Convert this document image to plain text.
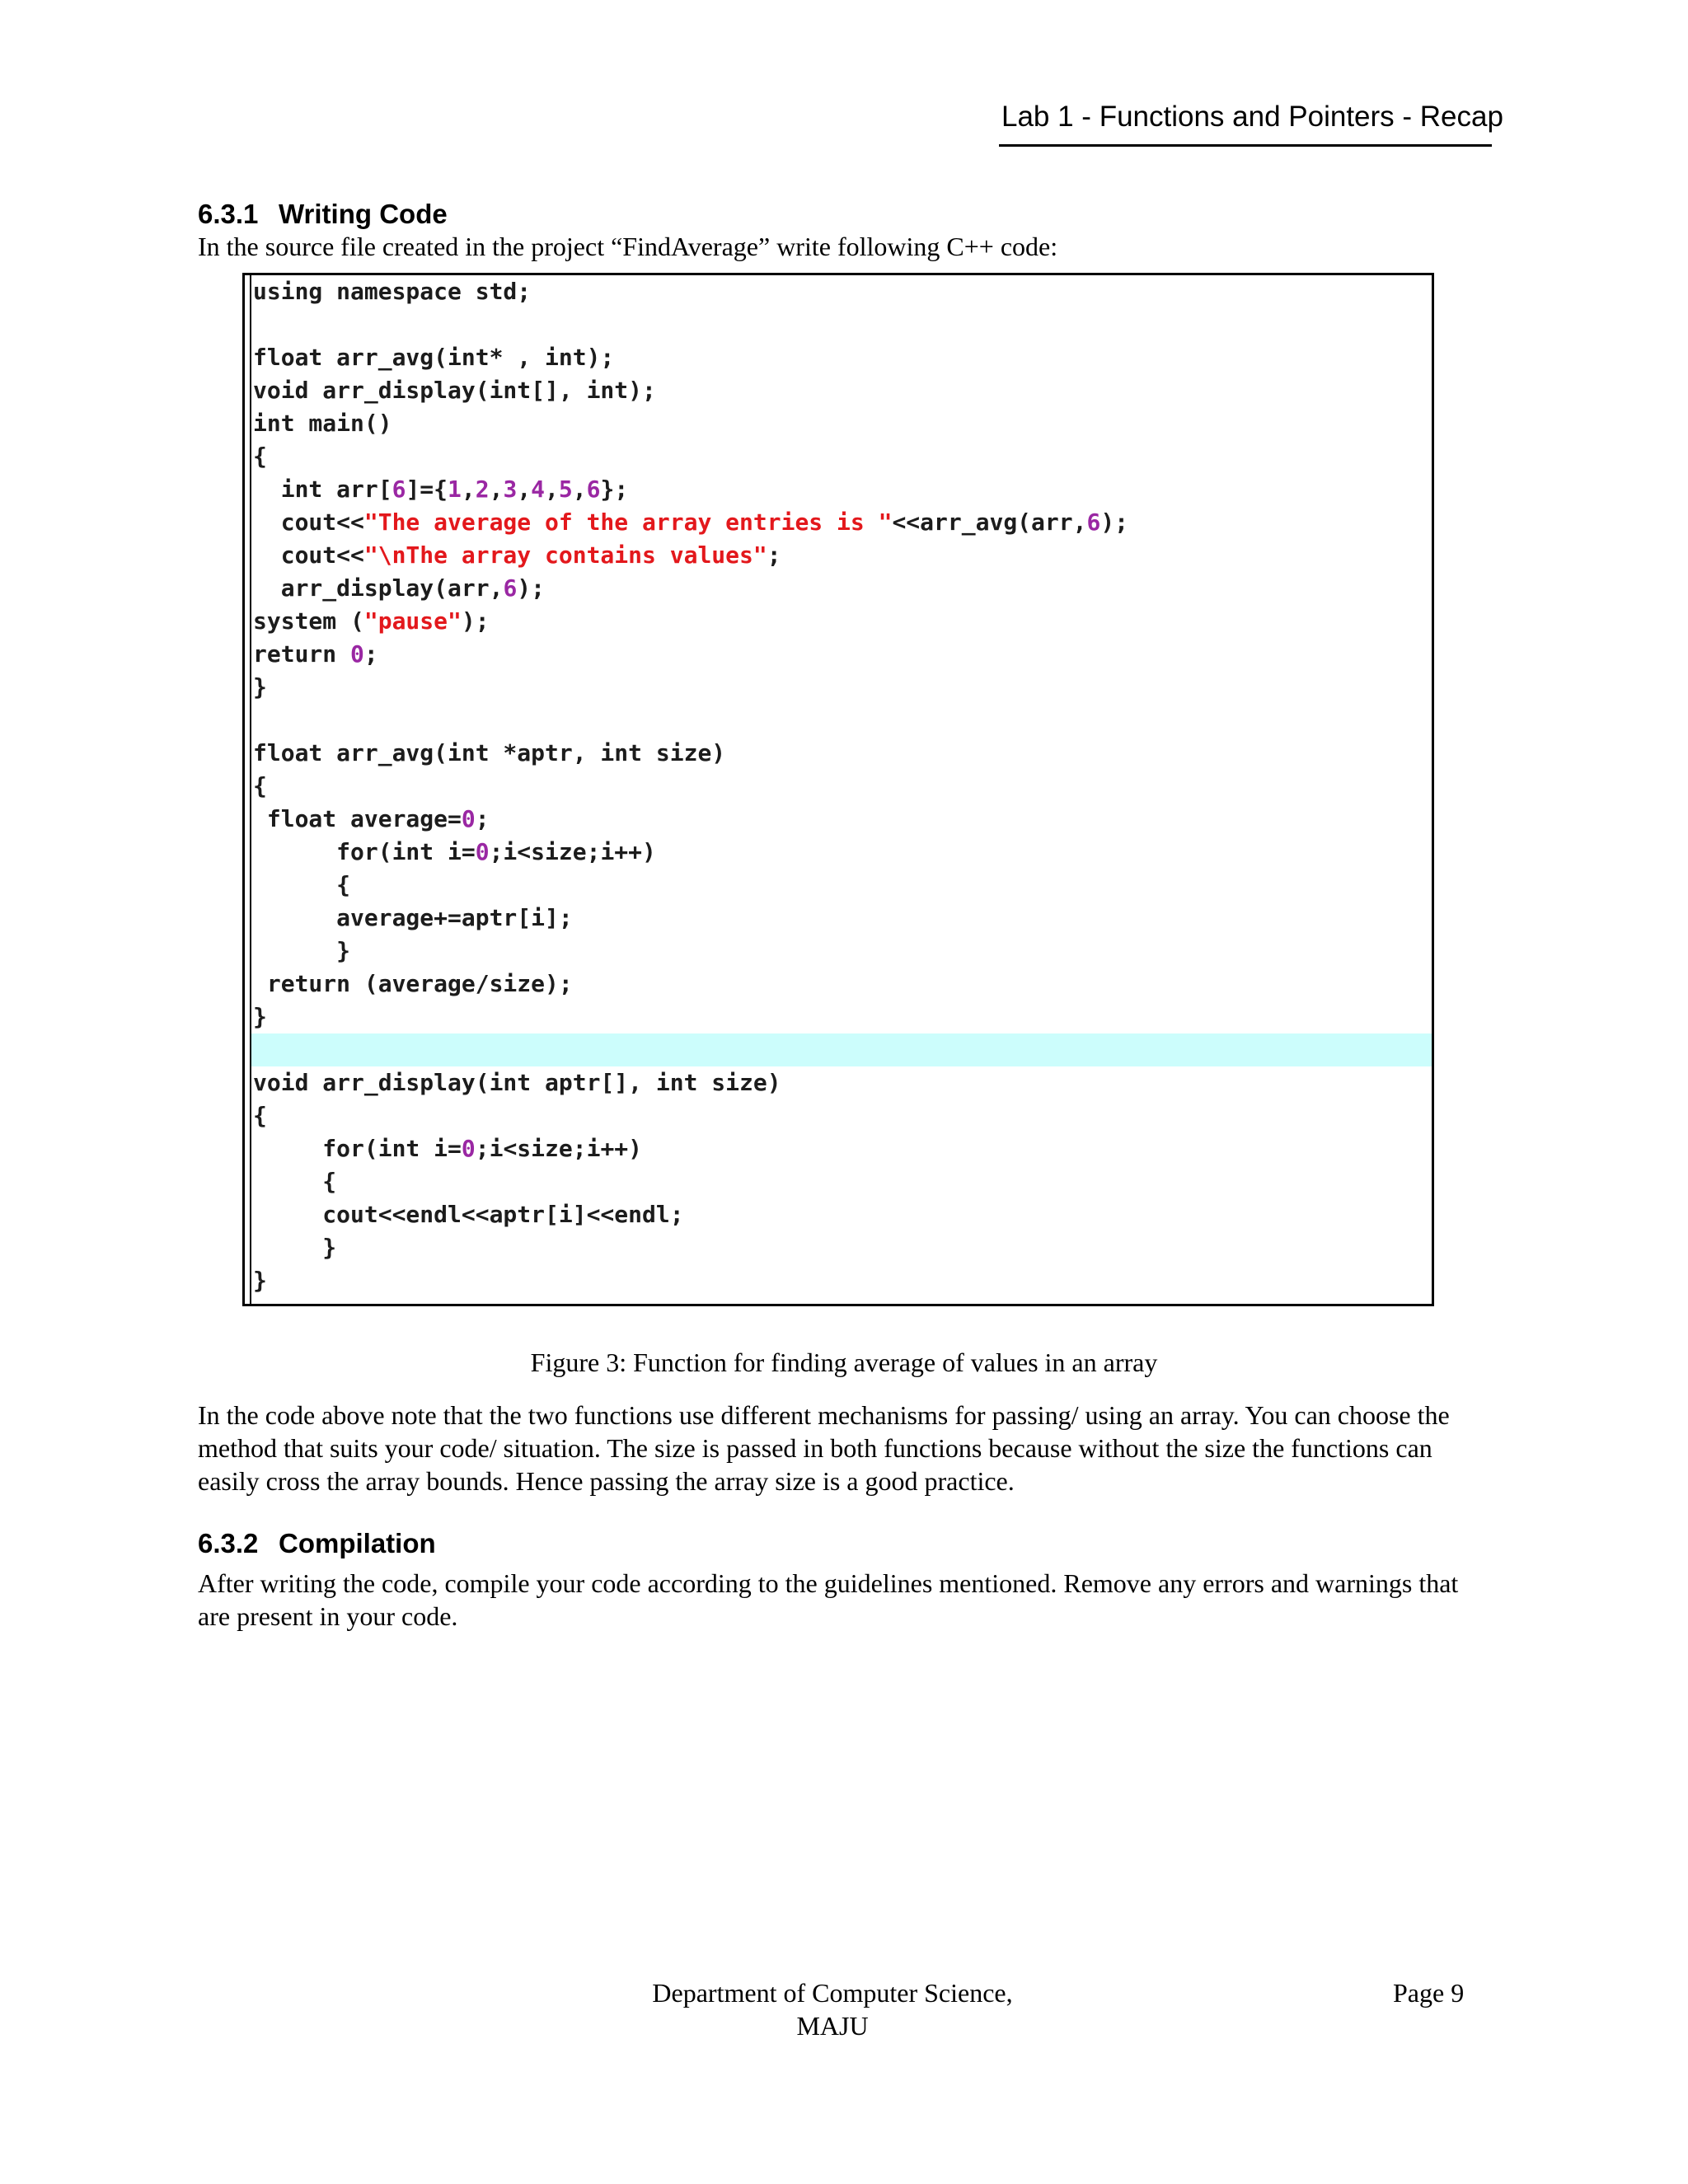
Lab 1 - Functions and Pointers - Recap
6.3.1 Writing Code
In the source file created in the project “FindAverage” write following C++ code:
using namespace std;
float arr_avg(int* , int);
void arr_display(int[], int);
int main()
{
int arr[6]={1,2,3,4,5,6};
cout<<"The average of the array entries is "<<arr_avg(arr,6);
cout<<"\nThe array contains values";
arr_display(arr,6);
system ("pause");
return 0;
}
float arr_avg(int *aptr, int size)
{
float average=0;
for(int i=0;i<size;i++)
{
average+=aptr[i];
}
return (average/size);
}
void arr_display(int aptr[], int size)
{
for(int i=0;i<size;i++)
{
cout<<endl<<aptr[i]<<endl;
}
}
Figure 3: Function for finding average of values in an array
In the code above note that the two functions use different mechanisms for passing/ using an array. You can choose the method that suits your code/ situation. The size is passed in both functions because without the size the functions can easily cross the array bounds. Hence passing the array size is a good practice.
6.3.2 Compilation
After writing the code, compile your code according to the guidelines mentioned. Remove any errors and warnings that are present in your code.
Department of Computer Science,
MAJU
Page 9
